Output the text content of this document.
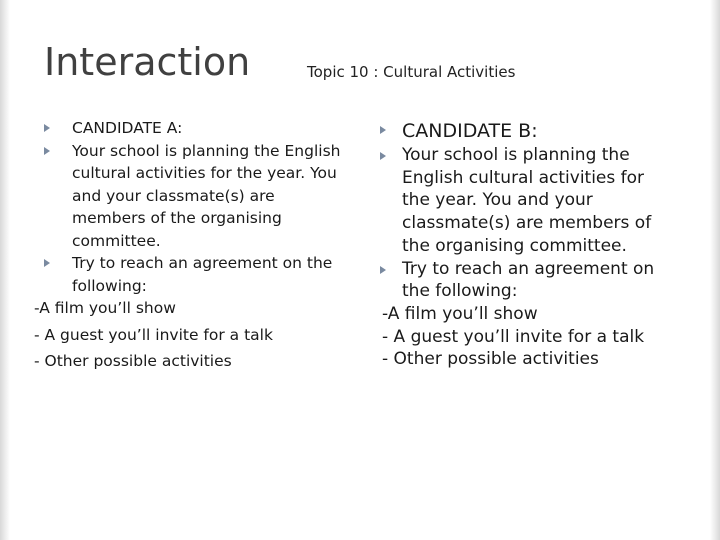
Interaction	Topic 10 : Cultural Activities
CANDIDATE A:
Your school is planning the English cultural activities for the year. You and your classmate(s) are members of the organising committee.
Try to reach an agreement on the following:
-A film you’ll show
- A guest you’ll invite for a talk
- Other possible activities
CANDIDATE B:
Your school is planning the English cultural activities for the year. You and your classmate(s) are members of the organising committee.
Try to reach an agreement on the following:
-A film you’ll show
- A guest you’ll invite for a talk
- Other possible activities
